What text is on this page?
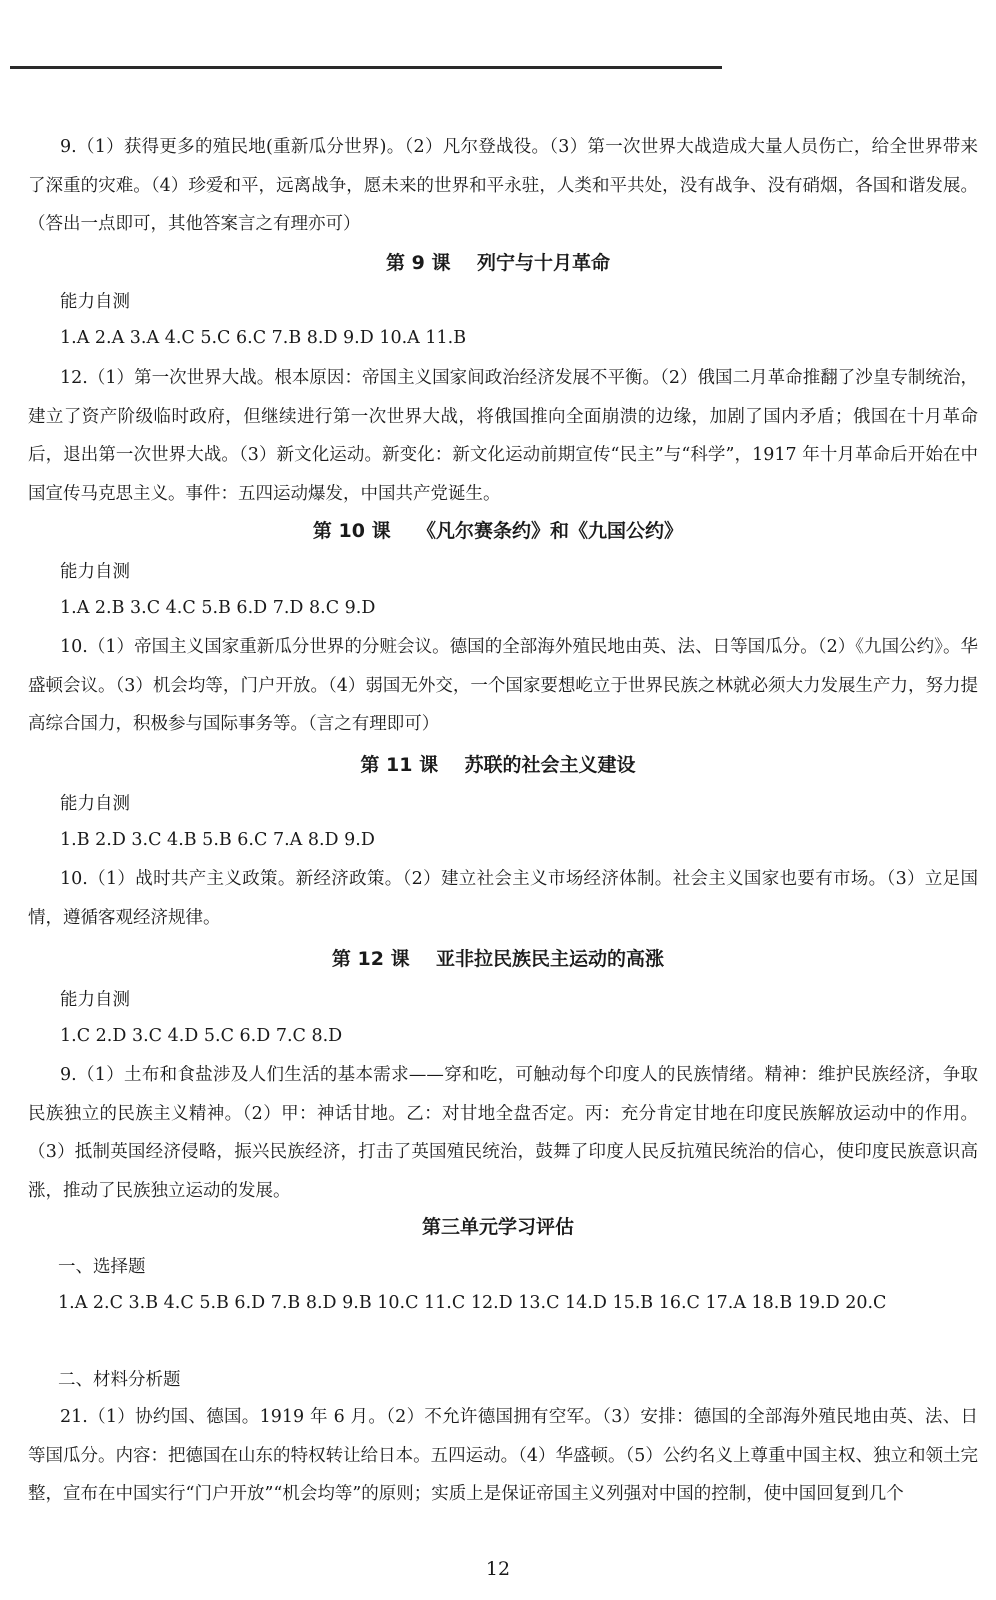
9.（1）获得更多的殖民地(重新瓜分世界)。（2）凡尔登战役。（3）第一次世界大战造成大量人员伤亡，给全世界带来了深重的灾难。（4）珍爱和平，远离战争，愿未来的世界和平永驻，人类和平共处，没有战争、没有硝烟，各国和谐发展。（答出一点即可，其他答案言之有理亦可）

第 9 课    列宁与十月革命
能力自测
1.A 2.A 3.A 4.C 5.C 6.C 7.B 8.D 9.D 10.A 11.B

12.（1）第一次世界大战。根本原因：帝国主义国家间政治经济发展不平衡。（2）俄国二月革命推翻了沙皇专制统治，建立了资产阶级临时政府，但继续进行第一次世界大战，将俄国推向全面崩溃的边缘，加剧了国内矛盾；俄国在十月革命后，退出第一次世界大战。（3）新文化运动。新变化：新文化运动前期宣传“民主”与“科学”，1917 年十月革命后开始在中国宣传马克思主义。事件：五四运动爆发，中国共产党诞生。

第 10 课    《凡尔赛条约》和《九国公约》
能力自测
1.A 2.B 3.C 4.C 5.B 6.D 7.D 8.C 9.D

10.（1）帝国主义国家重新瓜分世界的分赃会议。德国的全部海外殖民地由英、法、日等国瓜分。（2）《九国公约》。华盛顿会议。（3）机会均等，门户开放。（4）弱国无外交，一个国家要想屹立于世界民族之林就必须大力发展生产力，努力提高综合国力，积极参与国际事务等。（言之有理即可）

第 11 课    苏联的社会主义建设
能力自测
1.B 2.D 3.C 4.B 5.B 6.C 7.A 8.D 9.D

10.（1）战时共产主义政策。新经济政策。（2）建立社会主义市场经济体制。社会主义国家也要有市场。（3）立足国情，遵循客观经济规律。

第 12 课    亚非拉民族民主运动的高涨
能力自测
1.C 2.D 3.C 4.D 5.C 6.D 7.C 8.D

9.（1）土布和食盐涉及人们生活的基本需求——穿和吃，可触动每个印度人的民族情绪。精神：维护民族经济，争取民族独立的民族主义精神。（2）甲：神话甘地。乙：对甘地全盘否定。丙：充分肯定甘地在印度民族解放运动中的作用。（3）抵制英国经济侵略，振兴民族经济，打击了英国殖民统治，鼓舞了印度人民反抗殖民统治的信心，使印度民族意识高涨，推动了民族独立运动的发展。

第三单元学习评估
一、选择题

1.A 2.C 3.B 4.C 5.B 6.D 7.B 8.D 9.B 10.C 11.C 12.D 13.C 14.D 15.B 16.C 17.A 18.B 19.D 20.C

二、材料分析题

21.（1）协约国、德国。1919 年 6 月。（2）不允许德国拥有空军。（3）安排：德国的全部海外殖民地由英、法、日等国瓜分。内容：把德国在山东的特权转让给日本。五四运动。（4）华盛顿。（5）公约名义上尊重中国主权、独立和领土完整，宣布在中国实行“门户开放”“机会均等”的原则；实质上是保证帝国主义列强对中国的控制，使中国回复到几个

12
